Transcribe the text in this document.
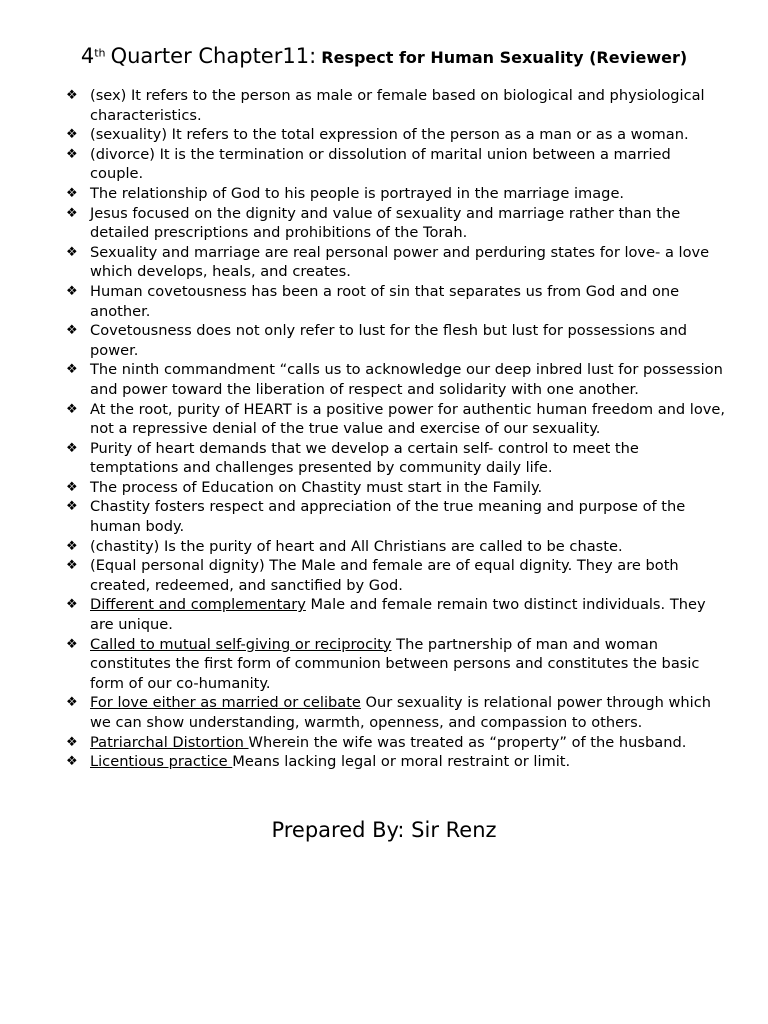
4th Quarter Chapter11: Respect for Human Sexuality (Reviewer)
❖ (sex) It refers to the person as male or female based on biological and physiological characteristics.
❖ (sexuality) It refers to the total expression of the person as a man or as a woman.
❖ (divorce) It is the termination or dissolution of marital union between a married couple.
❖ The relationship of God to his people is portrayed in the marriage image.
❖ Jesus focused on the dignity and value of sexuality and marriage rather than the detailed prescriptions and prohibitions of the Torah.
❖ Sexuality and marriage are real personal power and perduring states for love- a love which develops, heals, and creates.
❖ Human covetousness has been a root of sin that separates us from God and one another.
❖ Covetousness does not only refer to lust for the flesh but lust for possessions and power.
❖ The ninth commandment “calls us to acknowledge our deep inbred lust for possession and power toward the liberation of respect and solidarity with one another.
❖ At the root, purity of HEART is a positive power for authentic human freedom and love, not a repressive denial of the true value and exercise of our sexuality.
❖ Purity of heart demands that we develop a certain self- control to meet the temptations and challenges presented by community daily life.
❖ The process of Education on Chastity must start in the Family.
❖ Chastity fosters respect and appreciation of the true meaning and purpose of the human body.
❖ (chastity) Is the purity of heart and All Christians are called to be chaste.
❖ (Equal personal dignity) The Male and female are of equal dignity. They are both created, redeemed, and sanctified by God.
❖ Different and complementary Male and female remain two distinct individuals. They are unique.
❖ Called to mutual self-giving or reciprocity The partnership of man and woman constitutes the first form of communion between persons and constitutes the basic form of our co-humanity.
❖ For love either as married or celibate Our sexuality is relational power through which we can show understanding, warmth, openness, and compassion to others.
❖ Patriarchal Distortion Wherein the wife was treated as “property” of the husband.
❖ Licentious practice Means lacking legal or moral restraint or limit.
Prepared By: Sir Renz
